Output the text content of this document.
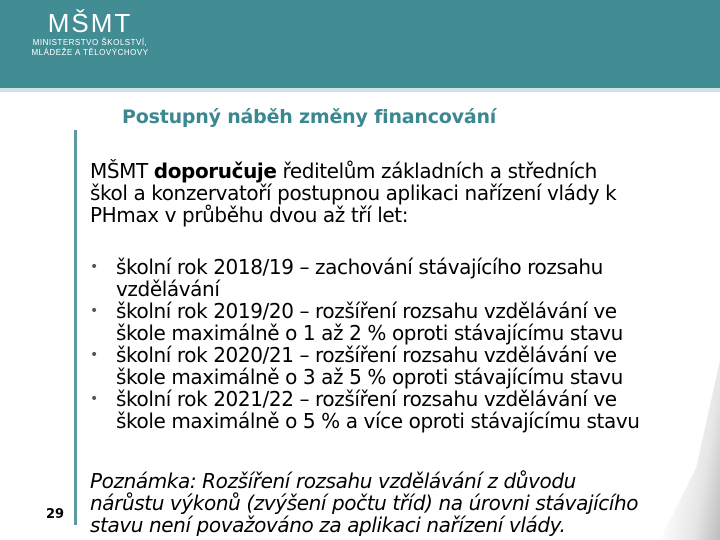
MŠMT
MINISTERSTVO ŠKOLSTVÍ,
MLÁDEŽE A TĚLOVÝCHOVY
Postupný náběh změny financování
MŠMT doporučuje ředitelům základních a středních
škol a konzervatoří postupnou aplikaci nařízení vlády k
PHmax v průběhu dvou až tří let:
• školní rok 2018/19 – zachování stávajícího rozsahu
vzdělávání
• školní rok 2019/20 – rozšíření rozsahu vzdělávání ve
škole maximálně o 1 až 2 % oproti stávajícímu stavu
• školní rok 2020/21 – rozšíření rozsahu vzdělávání ve
škole maximálně o 3 až 5 % oproti stávajícímu stavu
• školní rok 2021/22 – rozšíření rozsahu vzdělávání ve
škole maximálně o 5 % a více oproti stávajícímu stavu
Poznámka: Rozšíření rozsahu vzdělávání z důvodu
nárůstu výkonů (zvýšení počtu tříd) na úrovni stávajícího
stavu není považováno za aplikaci nařízení vlády.
29
